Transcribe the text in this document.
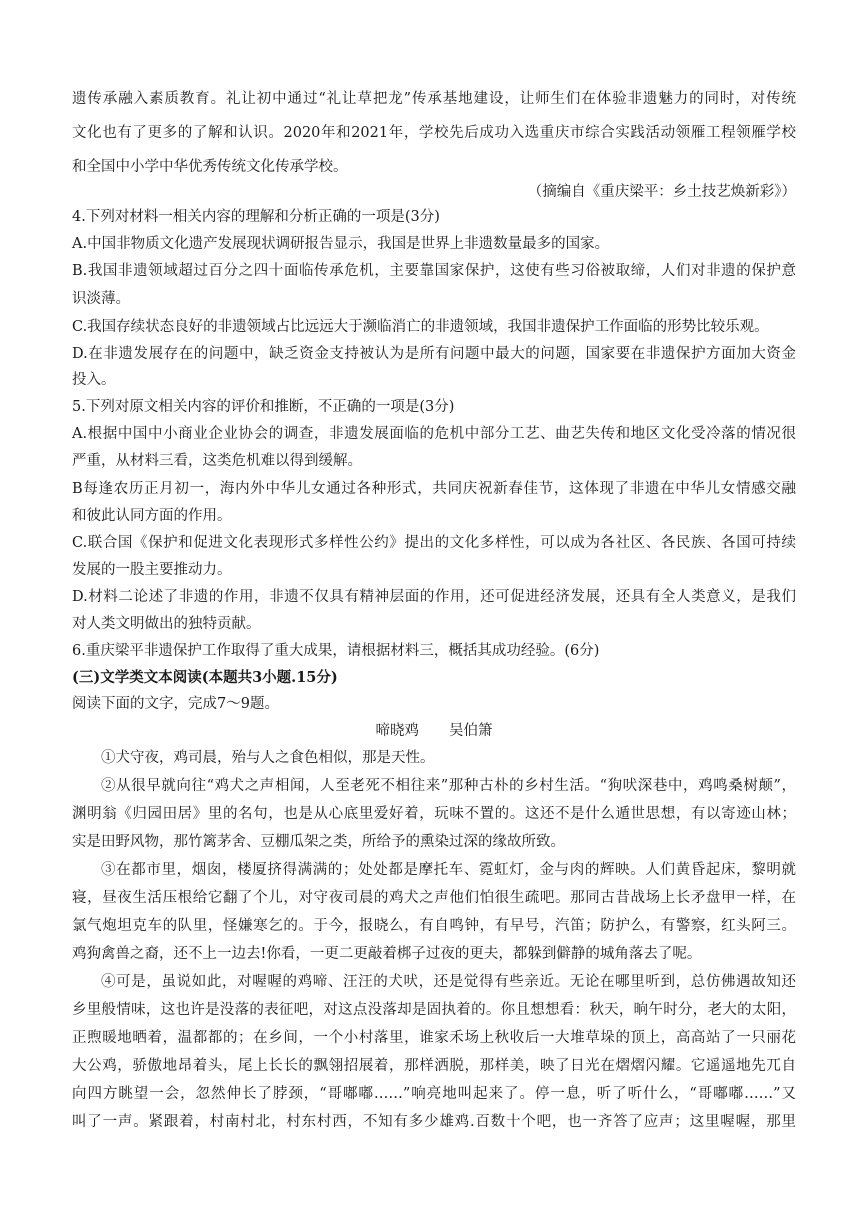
遗传承融入素质教育。礼让初中通过“礼让草把龙”传承基地建设，让师生们在体验非遗魅力的同时，对传统
文化也有了更多的了解和认识。2020年和2021年，学校先后成功入选重庆市综合实践活动领雁工程领雁学校
和全国中小学中华优秀传统文化传承学校。
（摘编自《重庆梁平：乡土技艺焕新彩》）
4.下列对材料一相关内容的理解和分析正确的一项是(3分)
A.中国非物质文化遗产发展现状调研报告显示，我国是世界上非遗数量最多的国家。
B.我国非遗领域超过百分之四十面临传承危机，主要靠国家保护，这使有些习俗被取缔，人们对非遗的保护意
识淡薄。
C.我国存续状态良好的非遗领域占比远远大于濒临消亡的非遗领域，我国非遗保护工作面临的形势比较乐观。
D.在非遗发展存在的问题中，缺乏资金支持被认为是所有问题中最大的问题，国家要在非遗保护方面加大资金
投入。
5.下列对原文相关内容的评价和推断，不正确的一项是(3分)
A.根据中国中小商业企业协会的调查，非遗发展面临的危机中部分工艺、曲艺失传和地区文化受冷落的情况很
严重，从材料三看，这类危机难以得到缓解。
B每逢农历正月初一，海内外中华儿女通过各种形式，共同庆祝新春佳节，这体现了非遗在中华儿女情感交融
和彼此认同方面的作用。
C.联合国《保护和促进文化表现形式多样性公约》提出的文化多样性，可以成为各社区、各民族、各国可持续
发展的一股主要推动力。
D.材料二论述了非遗的作用，非遗不仅具有精神层面的作用，还可促进经济发展，还具有全人类意义，是我们
对人类文明做出的独特贡献。
6.重庆梁平非遗保护工作取得了重大成果，请根据材料三，概括其成功经验。(6分)
(三)文学类文本阅读(本题共3小题.15分)
阅读下面的文字，完成7～9题。
啼晓鸡 吴伯箫
①犬守夜，鸡司晨，殆与人之食色相似，那是天性。
②从很早就向往“鸡犬之声相闻，人至老死不相往来”那种古朴的乡村生活。“狗吠深巷中，鸡鸣桑树颠”，
渊明翁《归园田居》里的名句，也是从心底里爱好着，玩味不置的。这还不是什么遁世思想，有以寄迹山林；
实是田野风物，那竹篱茅舍、豆棚瓜架之类，所给予的熏染过深的缘故所致。
③在都市里，烟囱，楼厦挤得满满的；处处都是摩托车、霓虹灯，金与肉的辉映。人们黄昏起床，黎明就
寝，昼夜生活压根给它翻了个儿，对守夜司晨的鸡犬之声他们怕很生疏吧。那同古昔战场上长矛盘甲一样，在
氯气炮坦克车的队里，怪嫌寒乞的。于今，报晓么，有自鸣钟，有早号，汽笛；防护么，有警察，红头阿三。
鸡狗禽兽之裔，还不上一边去!你看，一更二更敲着梆子过夜的更夫，都躲到僻静的城角落去了呢。
④可是，虽说如此，对喔喔的鸡啼、汪汪的犬吠，还是觉得有些亲近。无论在哪里听到，总仿佛遇故知还
乡里般情味，这也许是没落的表征吧，对这点没落却是固执着的。你且想想看：秋天，晌午时分，老大的太阳，
正煦暖地晒着，温都都的；在乡间，一个小村落里，谁家禾场上秋收后一大堆草垛的顶上，高高站了一只丽花
大公鸡，骄傲地昂着头，尾上长长的飘翎招展着，那样洒脱，那样美，映了日光在熠熠闪耀。它遥遥地先兀自
向四方眺望一会，忽然伸长了脖颈，“哥嘟嘟……”响亮地叫起来了。停一息，听了听什么，“哥嘟嘟……”又
叫了一声。紧跟着，村南村北，村东村西，不知有多少雄鸡.百数十个吧，也一齐答了应声；这里喔喔，那里
